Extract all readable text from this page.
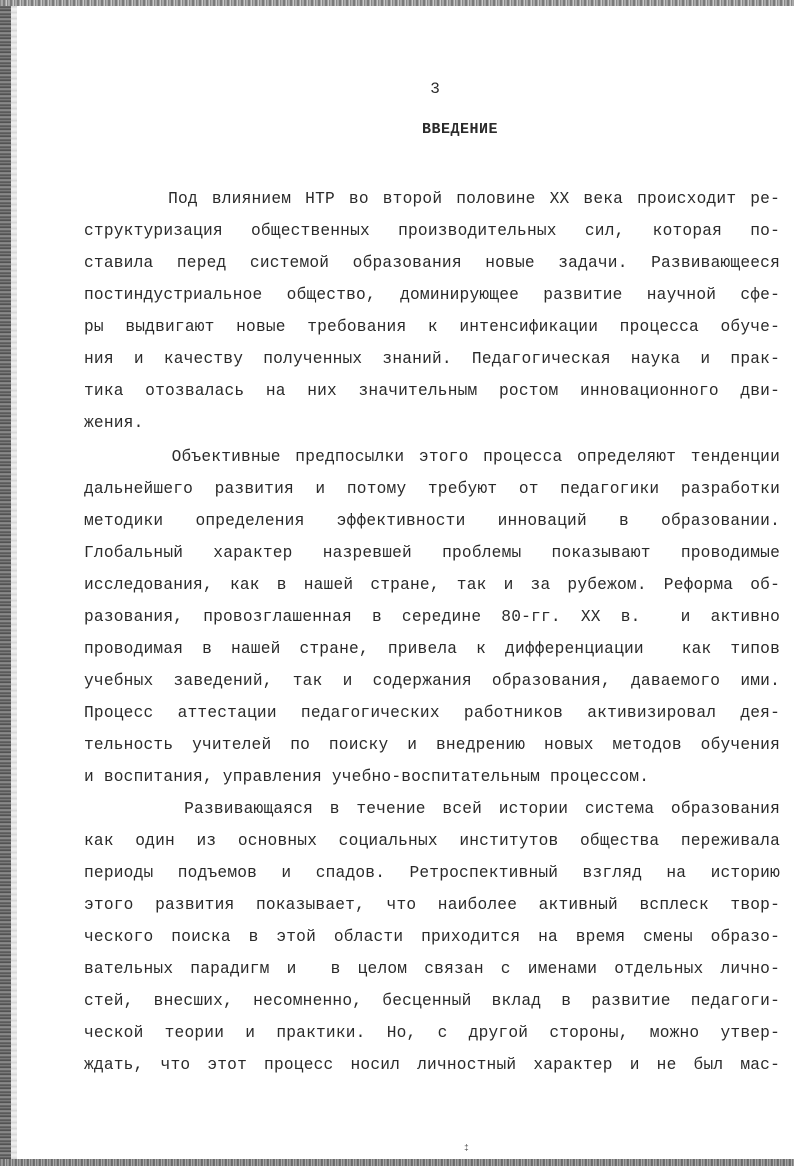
3
ВВЕДЕНИЕ
Под влиянием НТР во второй половине XX века происходит ре-
структуризация  общественных  производительных  сил,  которая  по-
ставила перед системой образования новые задачи. Развивающееся
постиндустриальное общество, доминирующее развитие научной сфе-
ры выдвигают новые требования к интенсификации процесса обуче-
ния и качеству полученных знаний. Педагогическая наука и прак-
тика отозвалась на них значительным ростом инновационного дви-
жения.
Объективные предпосылки этого процесса определяют тенденции
дальнейшего развития и потому требуют от педагогики разработки
методики определения эффективности инноваций в образовании.
Глобальный характер назревшей проблемы показывают проводимые
исследования, как в нашей стране, так и за рубежом. Реформа об-
разования, провозглашенная в середине 80-гг. XX в.  и активно
проводимая в нашей стране, привела к дифференциации  как типов
учебных заведений, так и содержания образования, даваемого ими.
Процесс аттестации педагогических работников активизировал дея-
тельность учителей по поиску и внедрению новых методов обучения
и воспитания, управления учебно-воспитательным процессом.
Развивающаяся в течение всей истории система образования
как один из основных социальных институтов общества переживала
периоды подъемов и спадов. Ретроспективный взгляд на историю
этого развития показывает, что наиболее активный всплеск твор-
ческого поиска в этой области приходится на время смены образо-
вательных парадигм и  в целом связан с именами отдельных лично-
стей, внесших, несомненно, бесценный вклад в развитие педагоги-
ческой теории и практики. Но, с другой стороны, можно утвер-
ждать, что этот процесс носил личностный характер и не был мас-
‡
